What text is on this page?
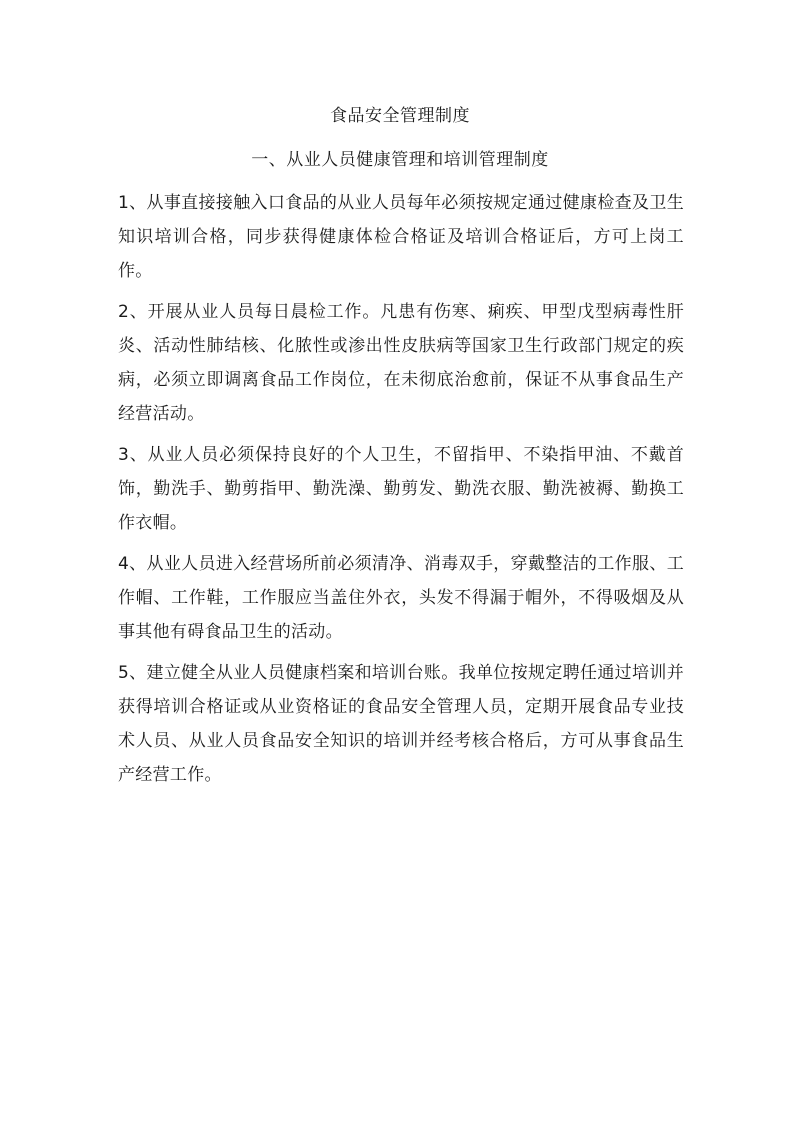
食品安全管理制度
一、从业人员健康管理和培训管理制度

1、从事直接接触入口食品的从业人员每年必须按规定通过健康检查及卫生知识培训合格，同步获得健康体检合格证及培训合格证后，方可上岗工作。

2、开展从业人员每日晨检工作。凡患有伤寒、痢疾、甲型戊型病毒性肝炎、活动性肺结核、化脓性或渗出性皮肤病等国家卫生行政部门规定的疾病，必须立即调离食品工作岗位，在未彻底治愈前，保证不从事食品生产经营活动。

3、从业人员必须保持良好的个人卫生，不留指甲、不染指甲油、不戴首饰，勤洗手、勤剪指甲、勤洗澡、勤剪发、勤洗衣服、勤洗被褥、勤换工作衣帽。

4、从业人员进入经营场所前必须清净、消毒双手，穿戴整洁的工作服、工作帽、工作鞋，工作服应当盖住外衣，头发不得漏于帽外，不得吸烟及从事其他有碍食品卫生的活动。

5、建立健全从业人员健康档案和培训台账。我单位按规定聘任通过培训并获得培训合格证或从业资格证的食品安全管理人员，定期开展食品专业技术人员、从业人员食品安全知识的培训并经考核合格后，方可从事食品生产经营工作。
